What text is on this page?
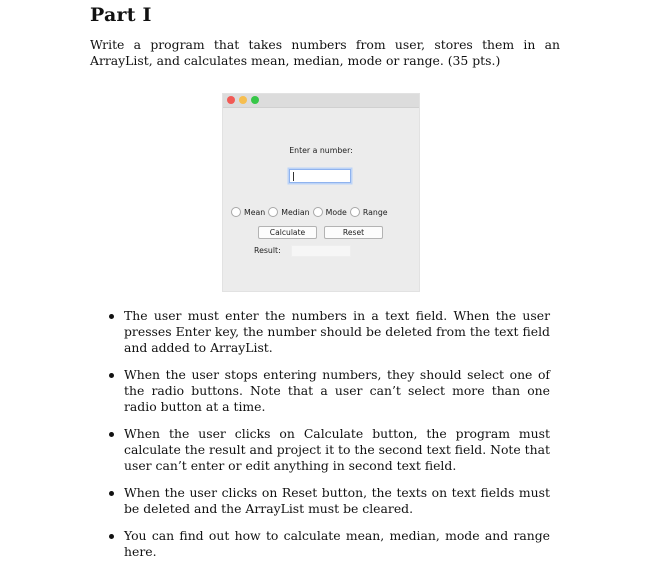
Part I
Write a program that takes numbers from user, stores them in an ArrayList, and calculates mean, median, mode or range. (35 pts.)
Enter a number:
Mean Median Mode Range
Calculate	Reset
Result:
The user must enter the numbers in a text field. When the user presses Enter key, the number should be deleted from the text field and added to ArrayList.
When the user stops entering numbers, they should select one of the radio buttons. Note that a user can’t select more than one radio button at a time.
When the user clicks on Calculate button, the program must calculate the result and project it to the second text field. Note that user can’t enter or edit anything in second text field.
When the user clicks on Reset button, the texts on text fields must be deleted and the ArrayList must be cleared.
You can find out how to calculate mean, median, mode and range here.
